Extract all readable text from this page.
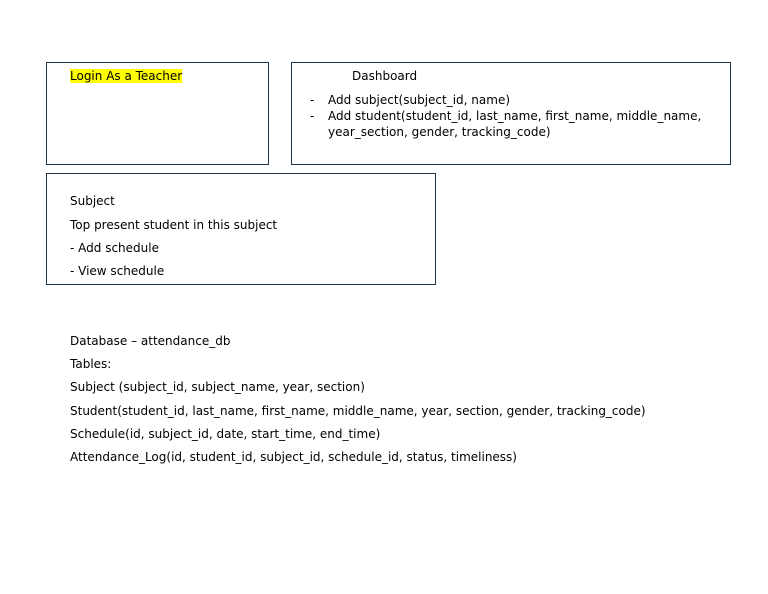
Login As a Teacher	Dashboard
- Add subject(subject_id, name)
- Add student(student_id, last_name, first_name, middle_name, year_section, gender, tracking_code)
Subject
Top present student in this subject
- Add schedule
- View schedule
Database – attendance_db
Tables:
Subject (subject_id, subject_name, year, section)
Student(student_id, last_name, first_name, middle_name, year, section, gender, tracking_code)
Schedule(id, subject_id, date, start_time, end_time)
Attendance_Log(id, student_id, subject_id, schedule_id, status, timeliness)
